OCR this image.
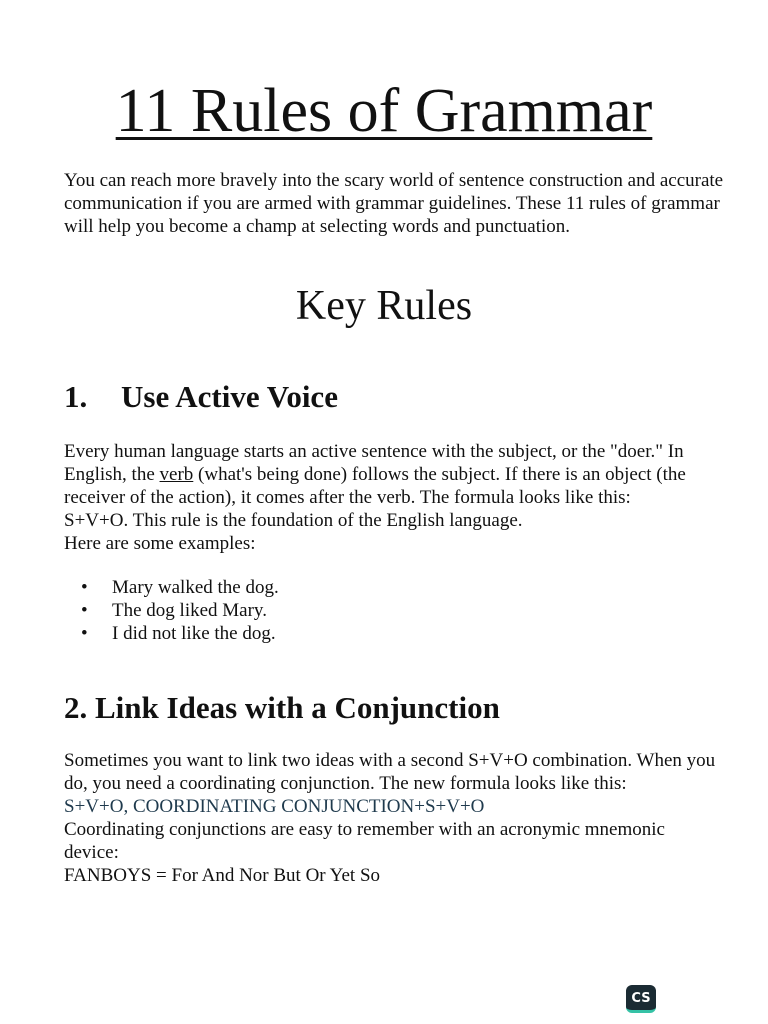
11 Rules of Grammar

You can reach more bravely into the scary world of sentence construction and accurate communication if you are armed with grammar guidelines. These 11 rules of grammar will help you become a champ at selecting words and punctuation.

Key Rules
1. Use Active Voice
Every human language starts an active sentence with the subject, or the "doer." In English, the verb (what's being done) follows the subject. If there is an object (the receiver of the action), it comes after the verb. The formula looks like this:
S+V+O. This rule is the foundation of the English language.
Here are some examples:
• Mary walked the dog.
• The dog liked Mary.
• I did not like the dog.
2. Link Ideas with a Conjunction
Sometimes you want to link two ideas with a second S+V+O combination. When you do, you need a coordinating conjunction. The new formula looks like this:
S+V+O, COORDINATING CONJUNCTION+S+V+O
Coordinating conjunctions are easy to remember with an acronymic mnemonic device:
FANBOYS = For And Nor But Or Yet So
CS
